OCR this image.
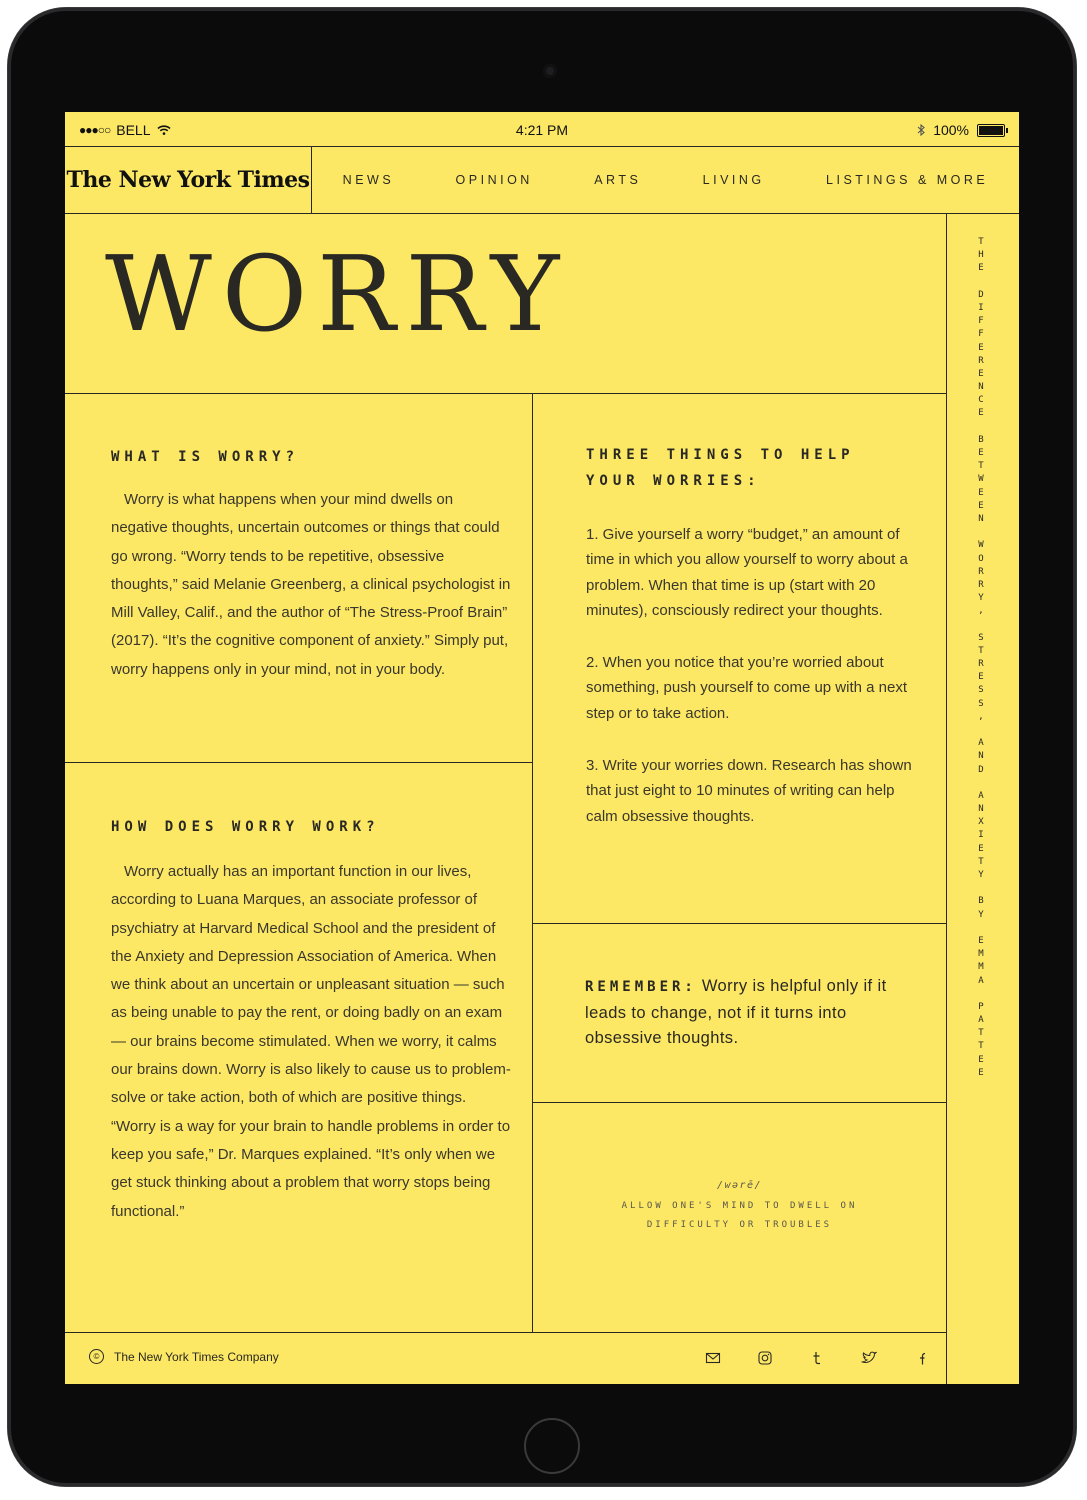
●●●○○ BELL	4:21 PM	100%
The New York Times	NEWS	OPINION	ARTS	LIVING	LISTINGS & MORE
WORRY	T
H
E

D
I
F
F
E
R
E
N
C
E

B
E
T
W
E
E
N

W
O
R
R
Y
,

S
T
R
E
S
S
,

A
N
D

A
N
X
I
E
T
Y

B
Y

E
M
M
A

P
A
T
T
E
E
WHAT IS WORRY?

Worry is what happens when your mind dwells on negative thoughts, uncertain outcomes or things that could go wrong. “Worry tends to be repetitive, obsessive thoughts,” said Melanie Greenberg, a clinical psychologist in Mill Valley, Calif., and the author of “The Stress-Proof Brain” (2017). “It’s the cognitive component of anxiety.” Simply put, worry happens only in your mind, not in your body.

HOW DOES WORRY WORK?

Worry actually has an important function in our lives, according to Luana Marques, an associate professor of psychiatry at Harvard Medical School and the president of the Anxiety and Depression Association of America. When we think about an uncertain or unpleasant situation — such as being unable to pay the rent, or doing badly on an exam — our brains become stimulated. When we worry, it calms our brains down. Worry is also likely to cause us to problem-solve or take action, both of which are positive things. “Worry is a way for your brain to handle problems in order to keep you safe,” Dr. Marques explained. “It’s only when we get stuck thinking about a problem that worry stops being functional.”

THREE THINGS TO HELP
YOUR WORRIES:

1. Give yourself a worry “budget,” an amount of time in which you allow yourself to worry about a problem. When that time is up (start with 20 minutes), consciously redirect your thoughts.

2. When you notice that you’re worried about something, push yourself to come up with a next step or to take action.

3. Write your worries down. Research has shown that just eight to 10 minutes of writing can help calm obsessive thoughts.

REMEMBER: Worry is helpful only if it leads to change, not if it turns into obsessive thoughts.

/wərē/
ALLOW ONE'S MIND TO DWELL ON
DIFFICULTY OR TROUBLES
©	The New York Times Company
